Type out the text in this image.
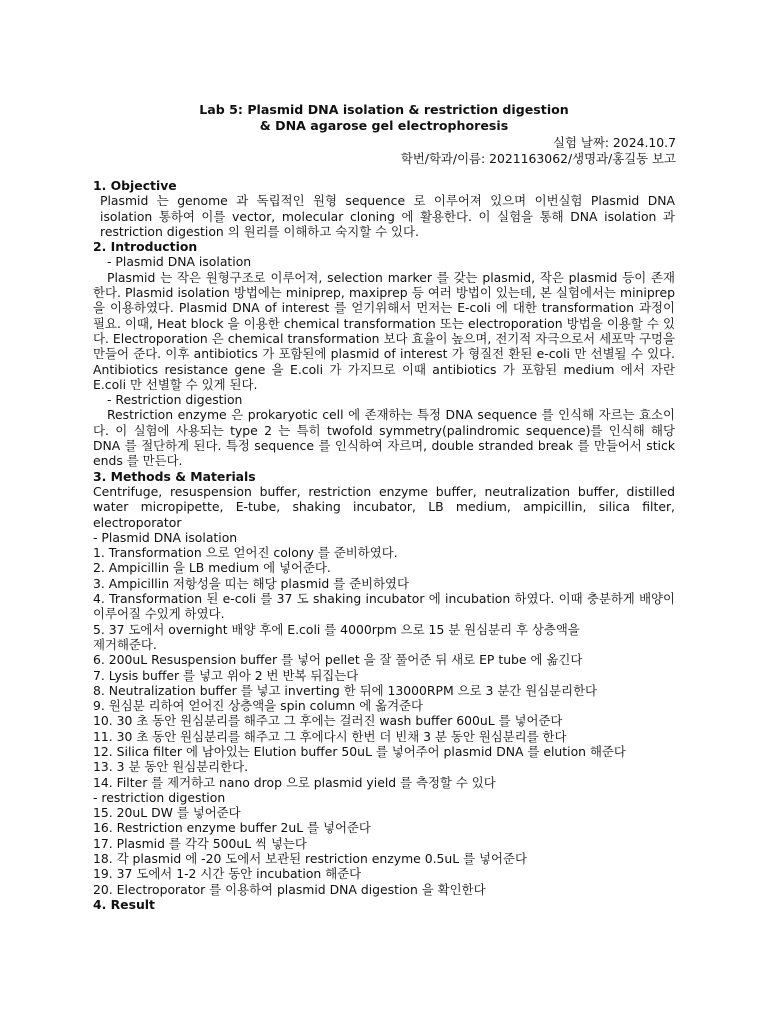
Lab 5: Plasmid DNA isolation & restriction digestion
& DNA agarose gel electrophoresis
실험 날짜: 2024.10.7
학번/학과/이름: 2021163062/생명과/홍길동 보고

1. Objective

Plasmid 는 genome 과 독립적인 원형 sequence 로 이루어져 있으며 이번실험 Plasmid DNA isolation 통하여 이를 vector, molecular cloning 에 활용한다. 이 실험을 통해 DNA isolation 과 restriction digestion 의 원리를 이해하고 숙지할 수 있다.

2. Introduction

- Plasmid DNA isolation

Plasmid 는 작은 원형구조로 이루어져, selection marker 를 갖는 plasmid, 작은 plasmid 등이 존재한다. Plasmid isolation 방법에는 miniprep, maxiprep 등 여러 방법이 있는데, 본 실험에서는 miniprep 을 이용하였다. Plasmid DNA of interest 를 얻기위해서 먼저는 E-coli 에 대한 transformation 과정이 필요. 이때, Heat block 을 이용한 chemical transformation 또는 electroporation 방법을 이용할 수 있다. Electroporation 은 chemical transformation 보다 효율이 높으며, 전기적 자극으로서 세포막 구멍을 만들어 준다. 이후 antibiotics 가 포함된에 plasmid of interest 가 형질전 환된 e-coli 만 선별될 수 있다. Antibiotics resistance gene 을 E.coli 가 가지므로 이때 antibiotics 가 포함된 medium 에서 자란 E.coli 만 선별할 수 있게 된다.

- Restriction digestion

Restriction enzyme 은 prokaryotic cell 에 존재하는 특정 DNA sequence 를 인식해 자르는 효소이다. 이 실험에 사용되는 type 2 는 특히 twofold symmetry(palindromic sequence)를 인식해 해당 DNA 를 절단하게 된다. 특정 sequence 를 인식하여 자르며, double stranded break 를 만들어서 stick ends 를 만든다.

3. Methods & Materials

Centrifuge, resuspension buffer, restriction enzyme buffer, neutralization buffer, distilled water micropipette, E-tube, shaking incubator, LB medium, ampicillin, silica filter, electroporator

- Plasmid DNA isolation

1. Transformation 으로 얻어진 colony 를 준비하였다.

2. Ampicillin 을 LB medium 에 넣어준다.

3. Ampicillin 저항성을 띠는 해당 plasmid 를 준비하였다

4. Transformation 된 e-coli 를 37 도 shaking incubator 에 incubation 하였다. 이때 충분하게 배양이 이루어질 수있게 하였다.

5. 37 도에서 overnight 배양 후에 E.coli 를 4000rpm 으로 15 분 원심분리 후 상층액을

제거해준다.

6. 200uL Resuspension buffer 를 넣어 pellet 을 잘 풀어준 뒤 새로 EP tube 에 옮긴다

7. Lysis buffer 를 넣고 위아 2 번 반복 뒤집는다

8. Neutralization buffer 를 넣고 inverting 한 뒤에 13000RPM 으로 3 분간 원심분리한다

9. 원심분 리하여 얻어진 상층액을 spin column 에 옮겨준다

10. 30 초 동안 원심분리를 해주고 그 후에는 걸러진 wash buffer 600uL 를 넣어준다

11. 30 초 동안 원심분리를 해주고 그 후에다시 한번 더 빈채 3 분 동안 원심분리를 한다

12. Silica filter 에 남아있는 Elution buffer 50uL 를 넣어주어 plasmid DNA 를 elution 해준다

13. 3 분 동안 원심분리한다.

14. Filter 를 제거하고 nano drop 으로 plasmid yield 를 측정할 수 있다

- restriction digestion

15. 20uL DW 를 넣어준다

16. Restriction enzyme buffer 2uL 를 넣어준다

17. Plasmid 를 각각 500uL 씩 넣는다

18. 각 plasmid 에 -20 도에서 보관된 restriction enzyme 0.5uL 를 넣어준다

19. 37 도에서 1-2 시간 동안 incubation 해준다

20. Electroporator 를 이용하여 plasmid DNA digestion 을 확인한다

4. Result
